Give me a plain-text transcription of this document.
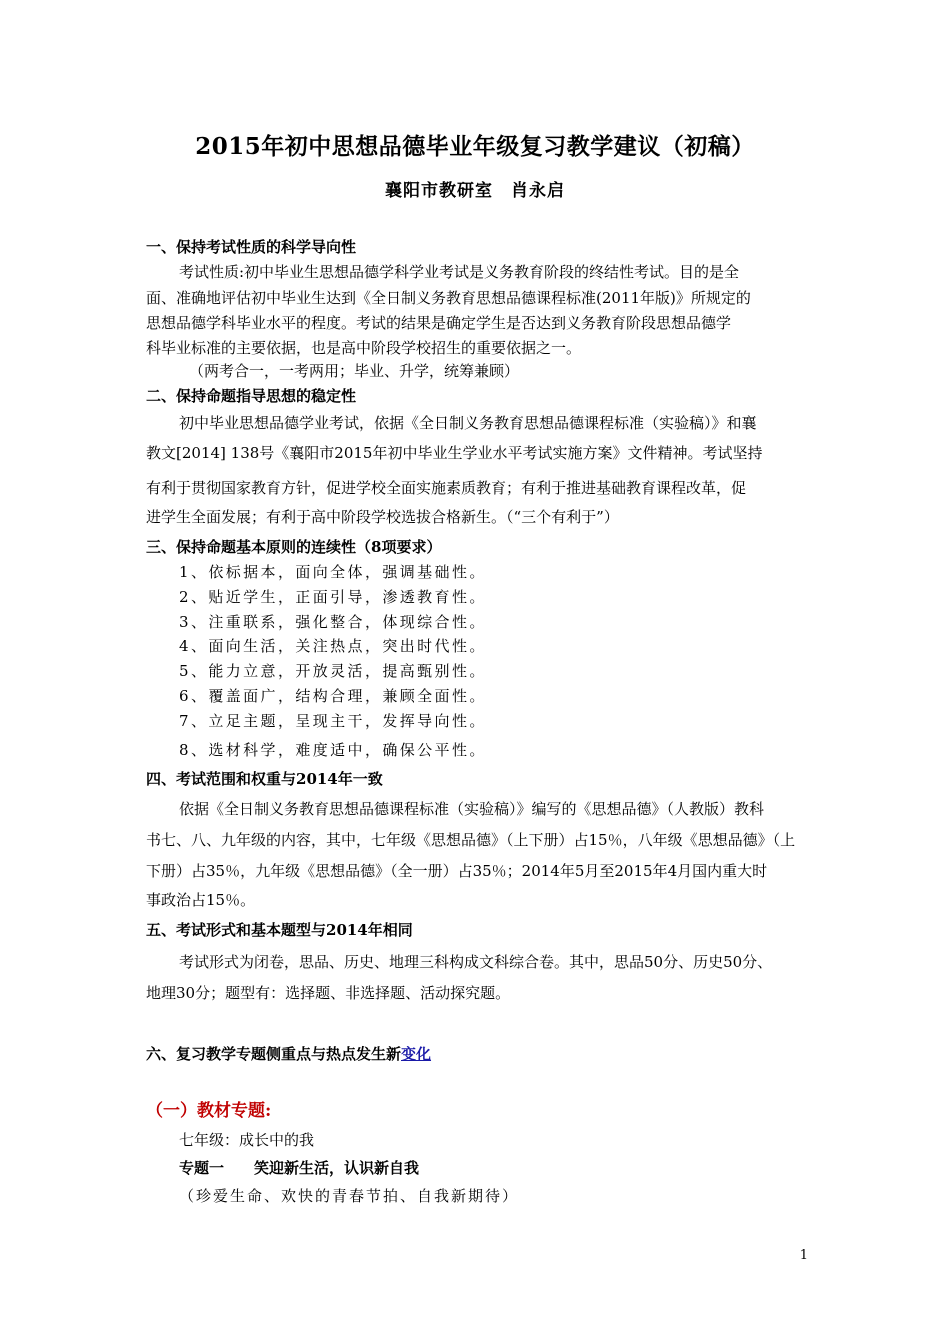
2015年初中思想品德毕业年级复习教学建议（初稿）
襄阳市教研室　肖永启
一、保持考试性质的科学导向性
考试性质:初中毕业生思想品德学科学业考试是义务教育阶段的终结性考试。目的是全
面、准确地评估初中毕业生达到《全日制义务教育思想品德课程标准(2011年版)》所规定的
思想品德学科毕业水平的程度。考试的结果是确定学生是否达到义务教育阶段思想品德学
科毕业标准的主要依据，也是高中阶段学校招生的重要依据之一。
（两考合一，一考两用；毕业、升学，统筹兼顾）
二、保持命题指导思想的稳定性
初中毕业思想品德学业考试，依据《全日制义务教育思想品德课程标准（实验稿）》和襄
教文[2014] 138号《襄阳市2015年初中毕业生学业水平考试实施方案》文件精神。考试坚持
有利于贯彻国家教育方针，促进学校全面实施素质教育；有利于推进基础教育课程改革，促
进学生全面发展；有利于高中阶段学校选拔合格新生。（“三个有利于”）
三、保持命题基本原则的连续性（8项要求）
1、依标据本，面向全体，强调基础性。
2、贴近学生，正面引导，渗透教育性。
3、注重联系，强化整合，体现综合性。
4、面向生活，关注热点，突出时代性。
5、能力立意，开放灵活，提高甄别性。
6、覆盖面广，结构合理，兼顾全面性。
7、立足主题，呈现主干，发挥导向性。
8、选材科学，难度适中，确保公平性。
四、考试范围和权重与2014年一致
依据《全日制义务教育思想品德课程标准（实验稿）》编写的《思想品德》（人教版）教科
书七、八、九年级的内容，其中，七年级《思想品德》（上下册）占15％，八年级《思想品德》（上
下册）占35％，九年级《思想品德》（全一册）占35％；2014年5月至2015年4月国内重大时
事政治占15％。
五、考试形式和基本题型与2014年相同
考试形式为闭卷，思品、历史、地理三科构成文科综合卷。其中，思品50分、历史50分、
地理30分；题型有：选择题、非选择题、活动探究题。
六、复习教学专题侧重点与热点发生新变化
（一）教材专题:
七年级：成长中的我
专题一　　笑迎新生活，认识新自我
（珍爱生命、欢快的青春节拍、自我新期待）
1
